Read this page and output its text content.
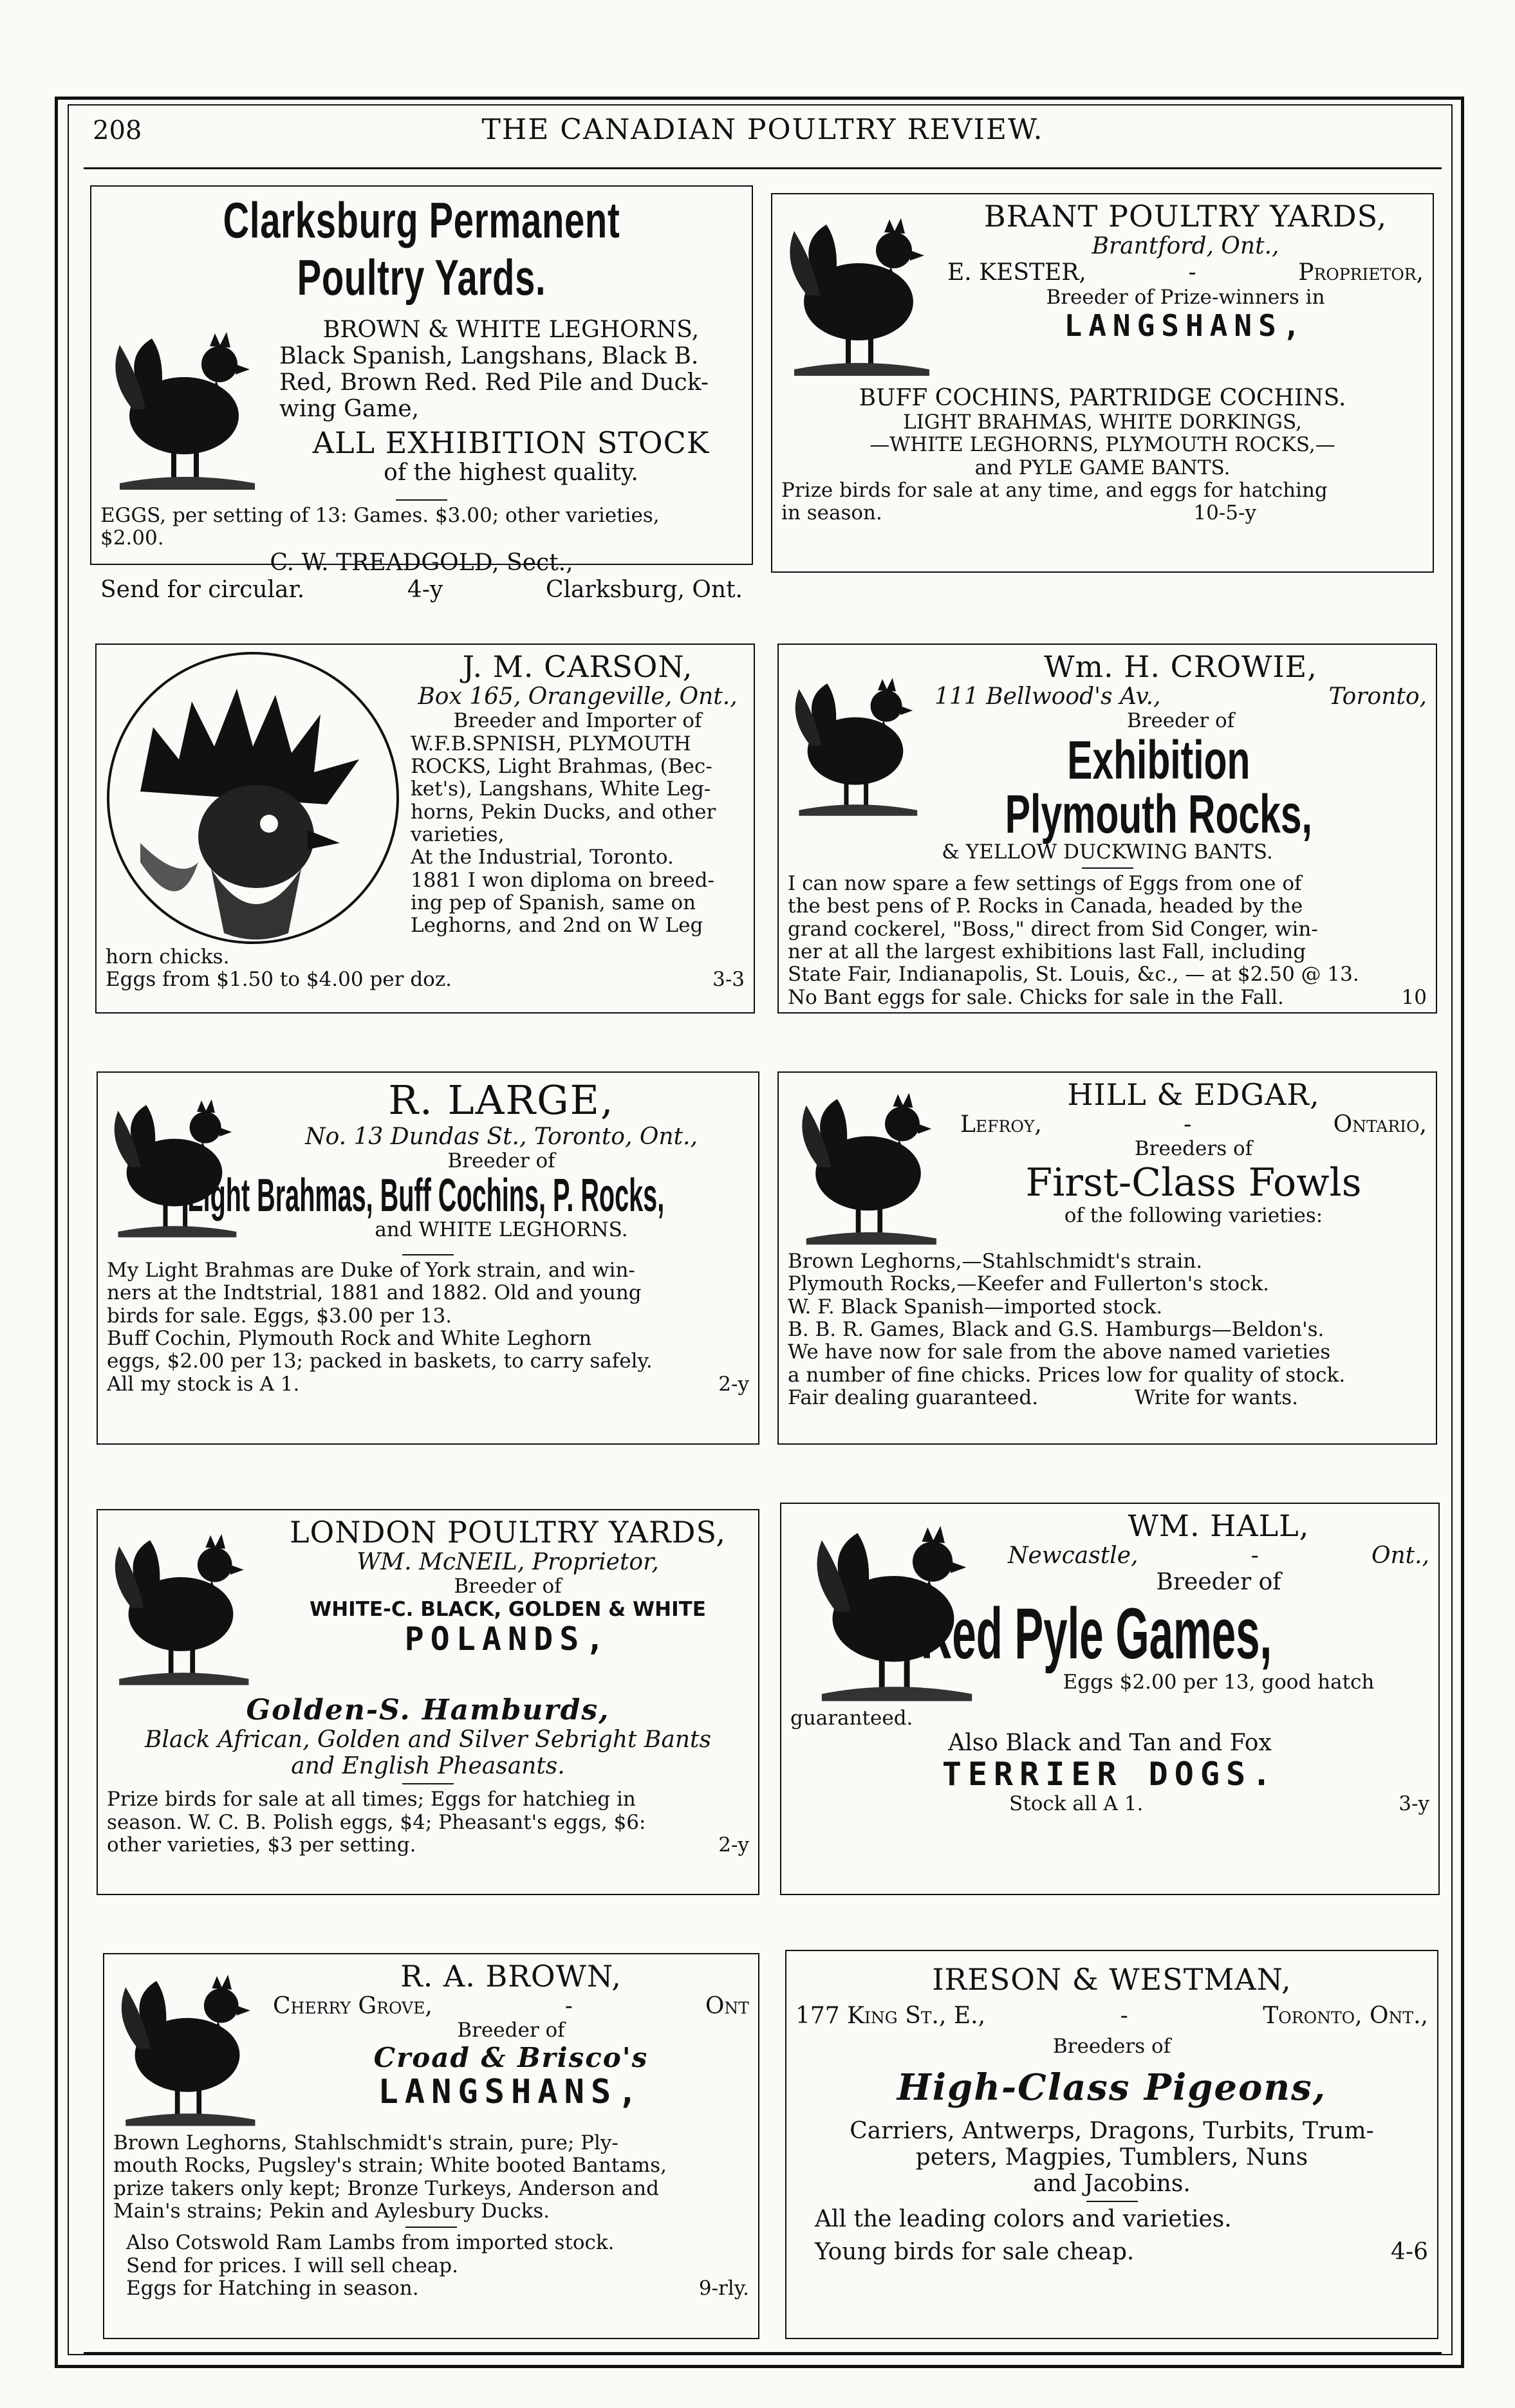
208	THE CANADIAN POULTRY REVIEW.

Clarksburg Permanent Poultry Yards.

BROWN & WHITE LEGHORNS,

Black Spanish, Langshans, Black B.

Red, Brown Red. Red Pile and Duck-

wing Game,

ALL EXHIBITION STOCK

of the highest quality.

EGGS, per setting of 13: Games. $3.00; other varieties,

$2.00.

C. W. TREADGOLD, Sect.,

Send for circular.	4-y	Clarksburg, Ont.

BRANT POULTRY YARDS,

Brantford, Ont.,

E. KESTER,	-	Proprietor,

Breeder of Prize-winners in

LANGSHANS,

BUFF COCHINS, PARTRIDGE COCHINS.

LIGHT BRAHMAS, WHITE DORKINGS,

—WHITE LEGHORNS, PLYMOUTH ROCKS,—

and PYLE GAME BANTS.

Prize birds for sale at any time, and eggs for hatching

in season.	10-5-y

J. M. CARSON,

Box 165, Orangeville, Ont.,

Breeder and Importer of

W.F.B.SPNISH, PLYMOUTH

ROCKS, Light Brahmas, (Bec-

ket's), Langshans, White Leg-

horns, Pekin Ducks, and other

varieties,

At the Industrial, Toronto.

1881 I won diploma on breed-

ing pep of Spanish, same on

Leghorns, and 2nd on W Leg

horn chicks.

Eggs from $1.50 to $4.00 per doz.	3-3

Wm. H. CROWIE,

111 Bellwood's Av.,	Toronto,

Breeder of

Exhibition Plymouth Rocks,

& YELLOW DUCKWING BANTS.

I can now spare a few settings of Eggs from one of

the best pens of P. Rocks in Canada, headed by the

grand cockerel, "Boss," direct from Sid Conger, win-

ner at all the largest exhibitions last Fall, including

State Fair, Indianapolis, St. Louis, &c., — at $2.50 @ 13.

No Bant eggs for sale. Chicks for sale in the Fall.	10

R. LARGE,

No. 13 Dundas St., Toronto, Ont.,

Breeder of

Light Brahmas, Buff Cochins, P. Rocks,

and WHITE LEGHORNS.

My Light Brahmas are Duke of York strain, and win-

ners at the Indtstrial, 1881 and 1882. Old and young

birds for sale. Eggs, $3.00 per 13.

Buff Cochin, Plymouth Rock and White Leghorn

eggs, $2.00 per 13; packed in baskets, to carry safely.

All my stock is A 1.	2-y

HILL & EDGAR,

Lefroy,	-	Ontario,

Breeders of

First-Class Fowls

of the following varieties:

Brown Leghorns,—Stahlschmidt's strain.

Plymouth Rocks,—Keefer and Fullerton's stock.

W. F. Black Spanish—imported stock.

B. B. R. Games, Black and G.S. Hamburgs—Beldon's.

We have now for sale from the above named varieties

a number of fine chicks. Prices low for quality of stock.

Fair dealing guaranteed.	Write for wants.

LONDON POULTRY YARDS,

WM. McNEIL, Proprietor,

Breeder of

WHITE-C. BLACK, GOLDEN & WHITE

POLANDS,

Golden-S. Hamburds,

Black African, Golden and Silver Sebright Bants

and English Pheasants.

Prize birds for sale at all times; Eggs for hatchieg in

season. W. C. B. Polish eggs, $4; Pheasant's eggs, $6:

other varieties, $3 per setting.	2-y

WM. HALL,

Newcastle,	-	Ont.,

Breeder of

Red Pyle Games,

Eggs $2.00 per 13, good hatch

guaranteed.

Also Black and Tan and Fox

TERRIER DOGS.

Stock all A 1.	3-y

R. A. BROWN,

Cherry Grove,	-	Ont

Breeder of

Croad & Brisco's

LANGSHANS,

Brown Leghorns, Stahlschmidt's strain, pure; Ply-

mouth Rocks, Pugsley's strain; White booted Bantams,

prize takers only kept; Bronze Turkeys, Anderson and

Main's strains; Pekin and Aylesbury Ducks.

Also Cotswold Ram Lambs from imported stock.

Send for prices. I will sell cheap.

Eggs for Hatching in season.	9-rly.

IRESON & WESTMAN,

177 King St., E.,	-	Toronto, Ont.,

Breeders of

High-Class Pigeons,

Carriers, Antwerps, Dragons, Turbits, Trum-

peters, Magpies, Tumblers, Nuns

and Jacobins.

All the leading colors and varieties.

Young birds for sale cheap.	4-6
